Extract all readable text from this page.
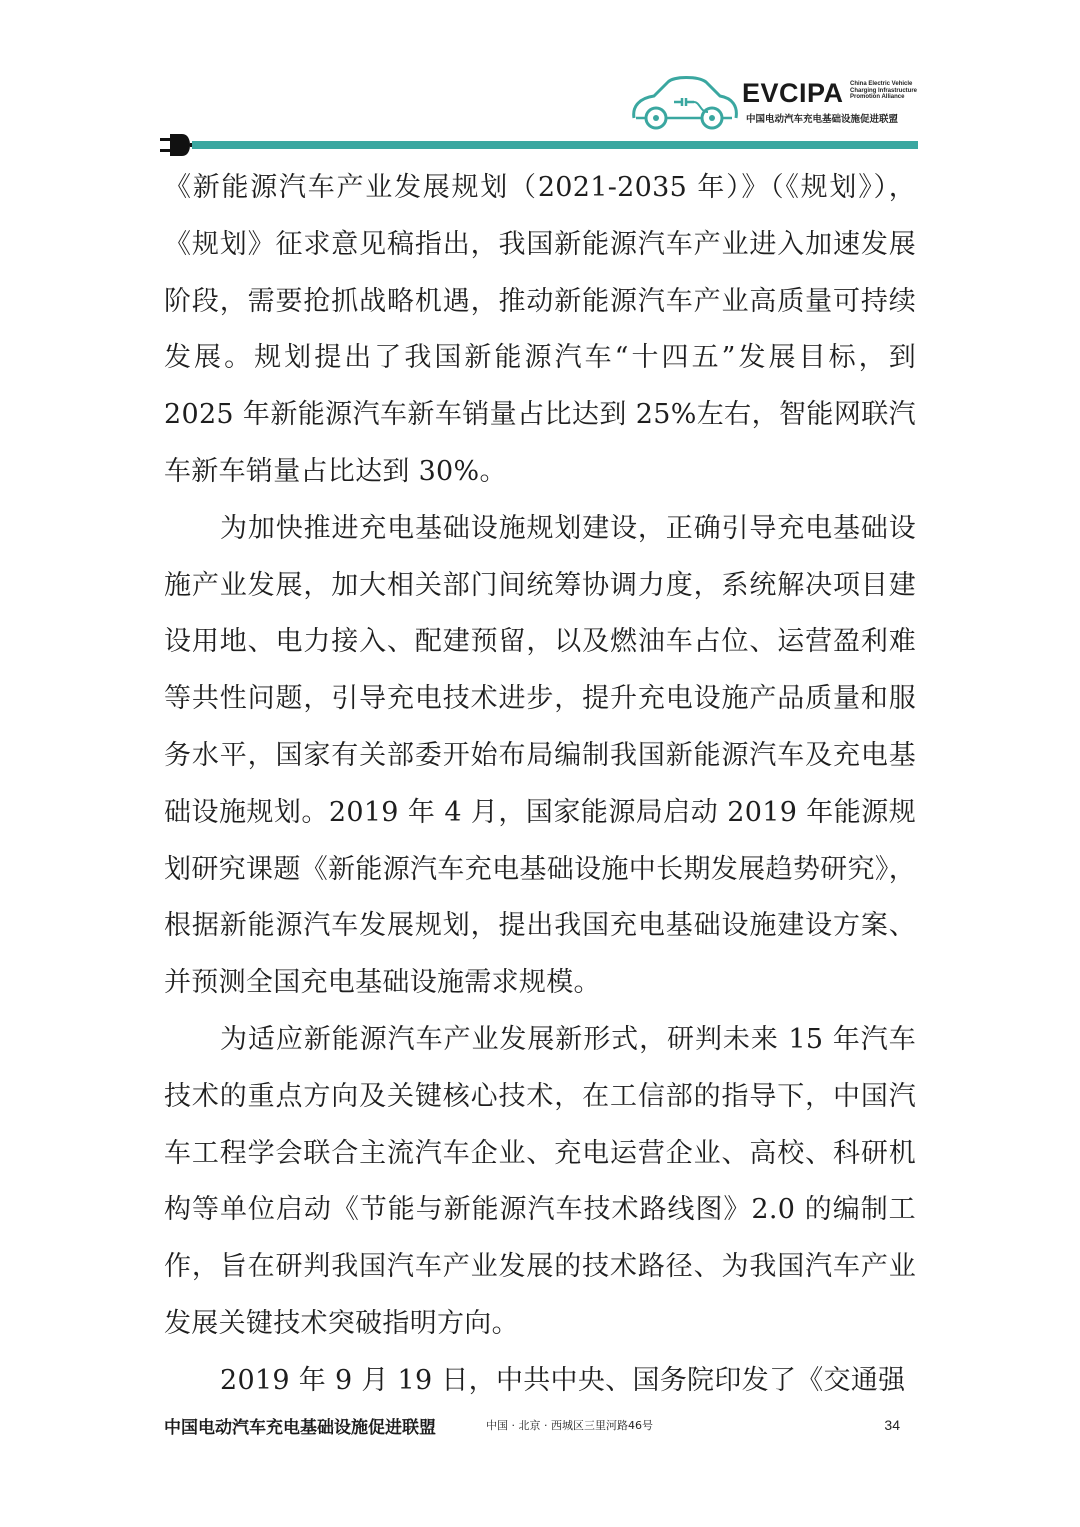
EVCIPA China Electric Vehicle
Charging Infrastructure
Promotion Alliance
中国电动汽车充电基础设施促进联盟

《新能源汽车产业发展规划（2021-2035 年）》（《规划》），《规划》征求意见稿指出，我国新能源汽车产业进入加速发展阶段，需要抢抓战略机遇，推动新能源汽车产业高质量可持续发展。规划提出了我国新能源汽车“十四五”发展目标，到 2025 年新能源汽车新车销量占比达到 25%左右，智能网联汽车新车销量占比达到 30%。

为加快推进充电基础设施规划建设，正确引导充电基础设施产业发展，加大相关部门间统筹协调力度，系统解决项目建设用地、电力接入、配建预留，以及燃油车占位、运营盈利难等共性问题，引导充电技术进步，提升充电设施产品质量和服务水平，国家有关部委开始布局编制我国新能源汽车及充电基础设施规划。2019 年 4 月，国家能源局启动 2019 年能源规划研究课题《新能源汽车充电基础设施中长期发展趋势研究》，根据新能源汽车发展规划，提出我国充电基础设施建设方案、并预测全国充电基础设施需求规模。

为适应新能源汽车产业发展新形式，研判未来 15 年汽车技术的重点方向及关键核心技术，在工信部的指导下，中国汽车工程学会联合主流汽车企业、充电运营企业、高校、科研机构等单位启动《节能与新能源汽车技术路线图》2.0 的编制工作，旨在研判我国汽车产业发展的技术路径、为我国汽车产业发展关键技术突破指明方向。

2019 年 9 月 19 日，中共中央、国务院印发了《交通强

中国电动汽车充电基础设施促进联盟	中国 · 北京 · 西城区三里河路46号	34
